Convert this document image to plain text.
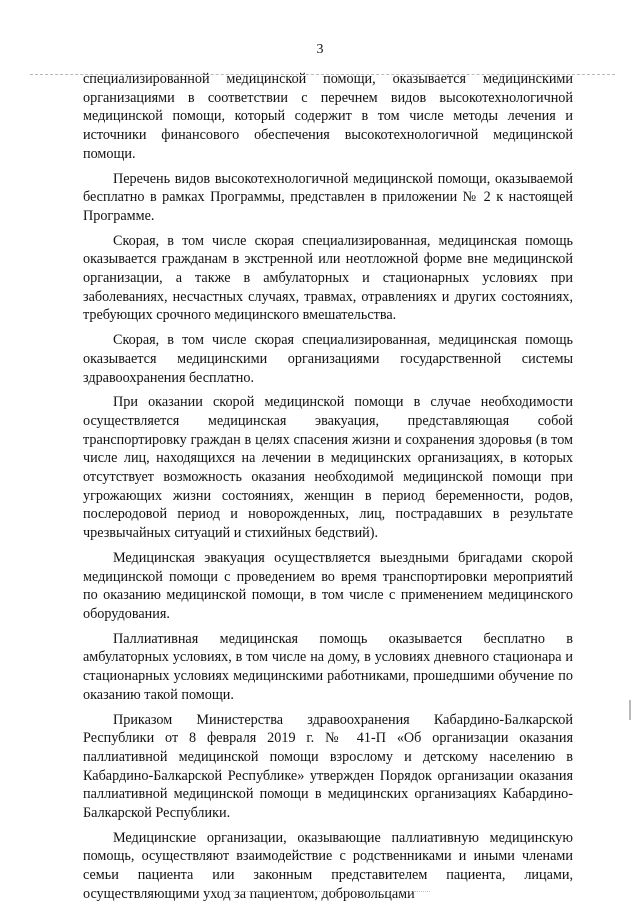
3

специализированной медицинской помощи, оказывается медицинскими организациями в соответствии с перечнем видов высокотехнологичной медицинской помощи, который содержит в том числе методы лечения и источники финансового обеспечения высокотехнологичной медицинской помощи.

Перечень видов высокотехнологичной медицинской помощи, оказываемой бесплатно в рамках Программы, представлен в приложении № 2 к настоящей Программе.

Скорая, в том числе скорая специализированная, медицинская помощь оказывается гражданам в экстренной или неотложной форме вне медицинской организации, а также в амбулаторных и стационарных условиях при заболеваниях, несчастных случаях, травмах, отравлениях и других состояниях, требующих срочного медицинского вмешательства.

Скорая, в том числе скорая специализированная, медицинская помощь оказывается медицинскими организациями государственной системы здравоохранения бесплатно.

При оказании скорой медицинской помощи в случае необходимости осуществляется медицинская эвакуация, представляющая собой транспортировку граждан в целях спасения жизни и сохранения здоровья (в том числе лиц, находящихся на лечении в медицинских организациях, в которых отсутствует возможность оказания необходимой медицинской помощи при угрожающих жизни состояниях, женщин в период беременности, родов, послеродовой период и новорожденных, лиц, пострадавших в результате чрезвычайных ситуаций и стихийных бедствий).

Медицинская эвакуация осуществляется выездными бригадами скорой медицинской помощи с проведением во время транспортировки мероприятий по оказанию медицинской помощи, в том числе с применением медицинского оборудования.

Паллиативная медицинская помощь оказывается бесплатно в амбулаторных условиях, в том числе на дому, в условиях дневного стационара и стационарных условиях медицинскими работниками, прошедшими обучение по оказанию такой помощи.

Приказом Министерства здравоохранения Кабардино-Балкарской Республики от 8 февраля 2019 г. № 41-П «Об организации оказания паллиативной медицинской помощи взрослому и детскому населению в Кабардино-Балкарской Республике» утвержден Порядок организации оказания паллиативной медицинской помощи в медицинских организациях Кабардино-Балкарской Республики.

Медицинские организации, оказывающие паллиативную медицинскую помощь, осуществляют взаимодействие с родственниками и иными членами семьи пациента или законным представителем пациента, лицами, осуществляющими уход за пациентом, добровольцами
